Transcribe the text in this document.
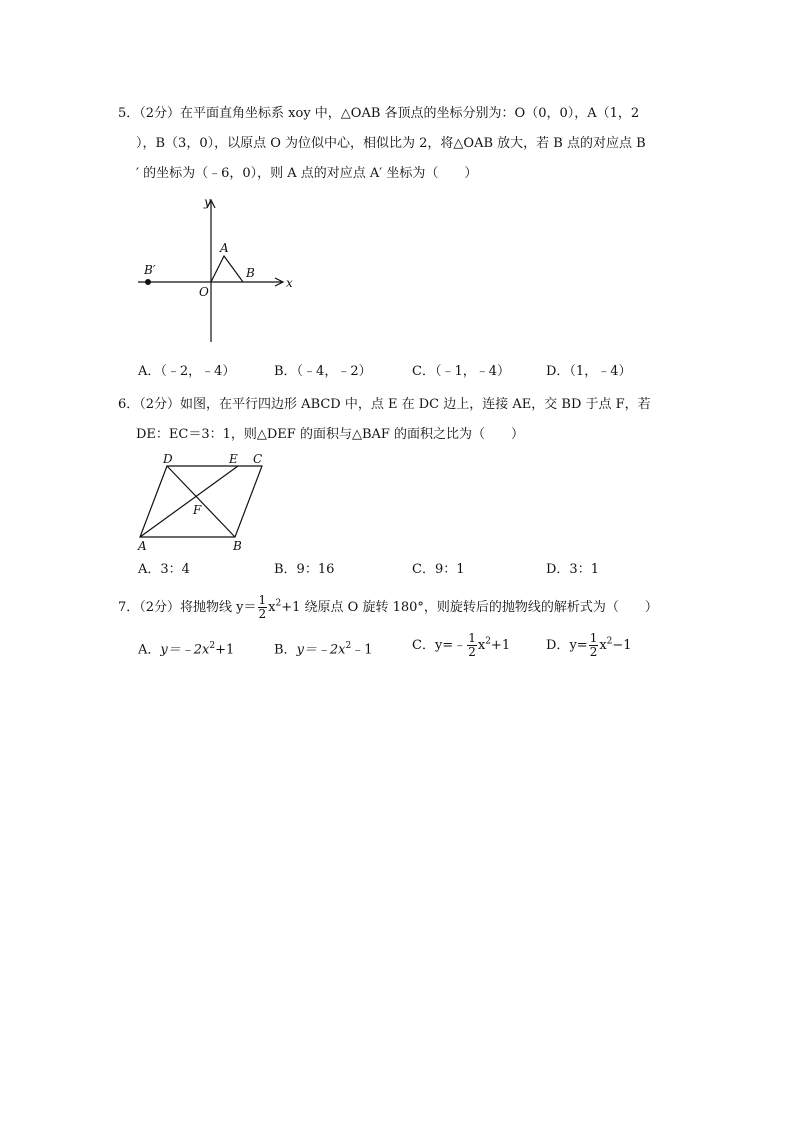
5．（2分）在平面直角坐标系 xoy 中，△OAB 各顶点的坐标分别为：O（0，0），A（1，2
），B（3，0），以原点 O 为位似中心，相似比为 2，将△OAB 放大，若 B 点的对应点 B
′ 的坐标为（﹣6，0），则 A 点的对应点 A′ 坐标为（　　）
y
x
O
A
B
B′
A．（﹣2，﹣4）	B．（﹣4，﹣2）	C．（﹣1，﹣4）	D．（1，﹣4）
6．（2分）如图，在平行四边形 ABCD 中，点 E 在 DC 边上，连接 AE，交 BD 于点 F，若
DE：EC＝3：1，则△DEF 的面积与△BAF 的面积之比为（　　）
D	E C
F
A	B
A．3：4	B．9：16	C．9：1	D．3：1
7．（2分）将抛物线 $y= \frac{1}{2} x^2+1$ 绕原点 O 旋转 180°，则旋转后的抛物线的解析式为（　　）
A．$y=﹣2x^2+1$	B．$y=﹣2x^2﹣1$	C．y=﹣ $\frac{1}{2} x^2+1$	D．$y= \frac{1}{2} x^2-1$
